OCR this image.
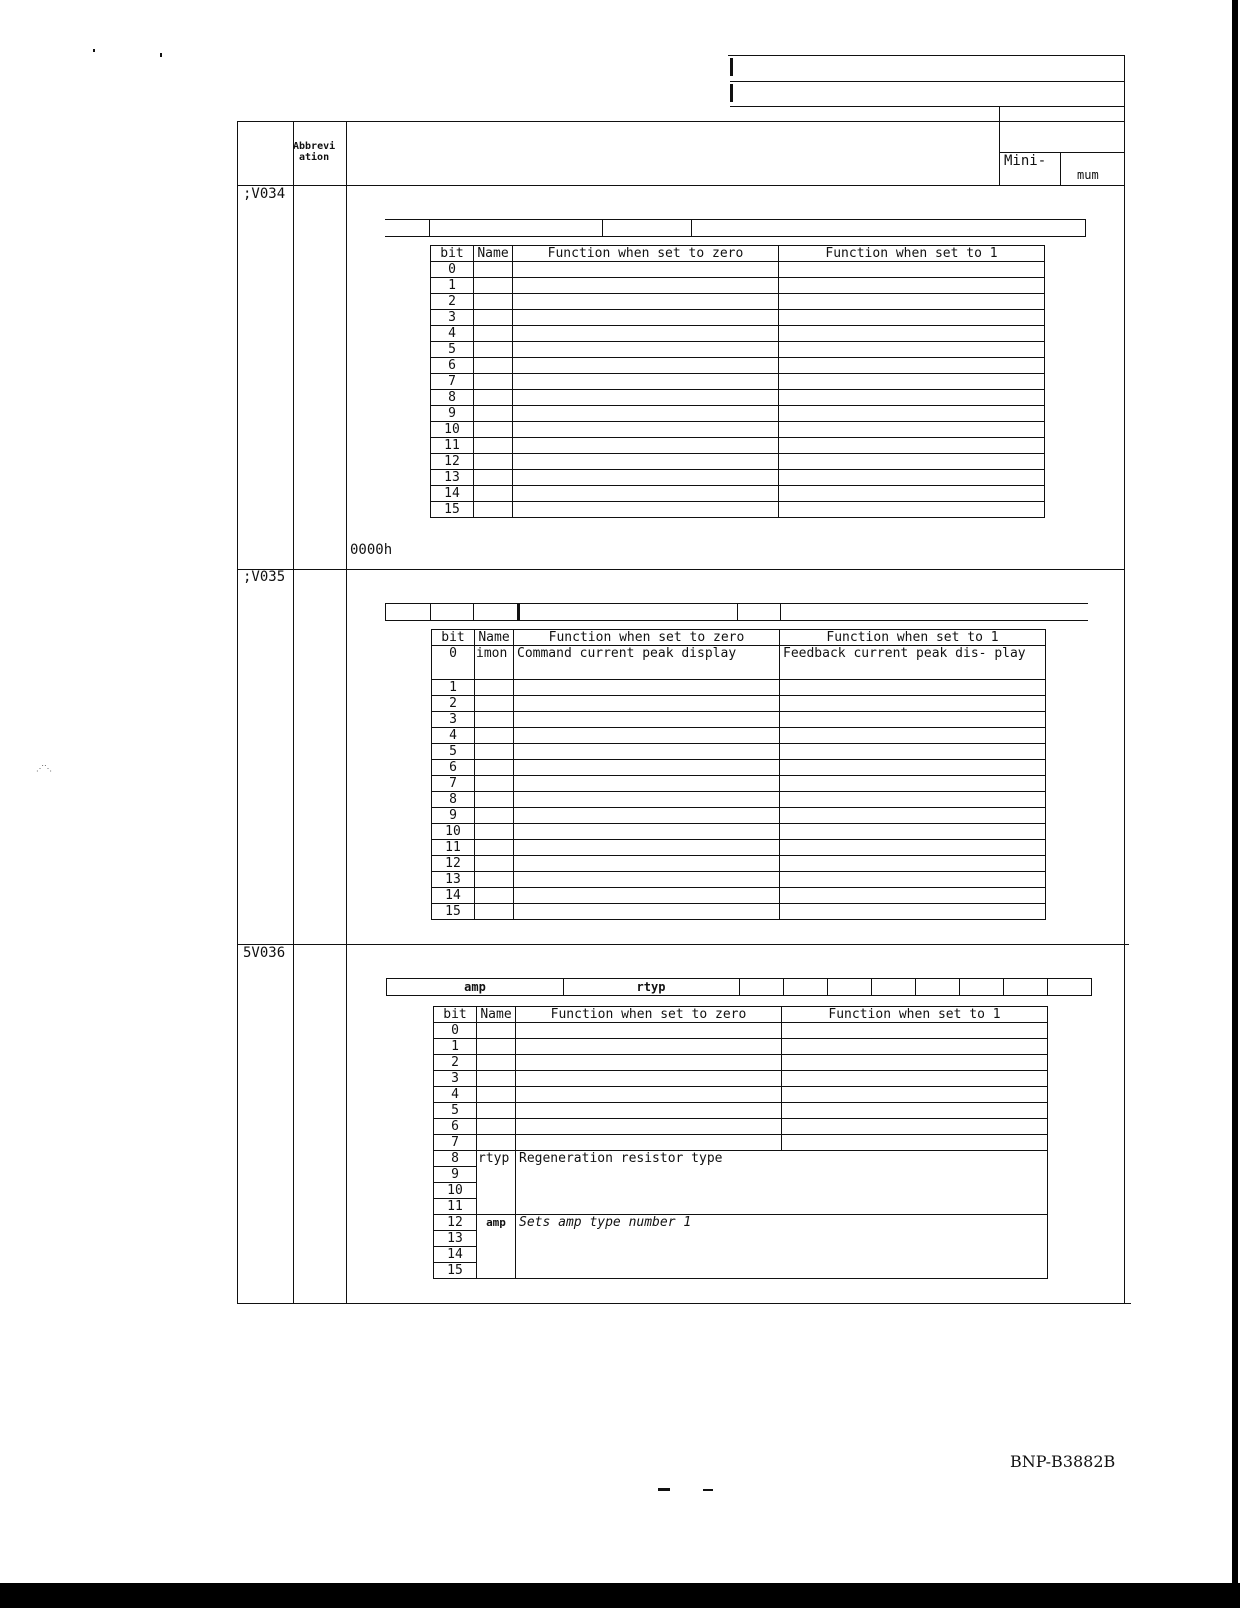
⋰⋱
Mini-
mum
Abbrevi
ation
;V034
bit	Name	Function when set to zero	Function when set to 1
0			
1			
2			
3			
4			
5			
6			
7			
8			
9			
10			
11			
12			
13			
14			
15			
0000h
;V035
bit	Name	Function when set to zero	Function when set to 1
0	imon	Command current peak display	Feedback current peak dis- play
1			
2			
3			
4			
5			
6			
7			
8			
9			
10			
11			
12			
13			
14			
15			
5V036
amp	rtyp
bit	Name	Function when set to zero	Function when set to 1
0			
1			
2			
3			
4			
5			
6			
7			
8	rtyp	Regeneration resistor type	
9			
10			
11			
12	amp	Sets amp type number 1	
13			
14			
15			
BNP-B3882B
